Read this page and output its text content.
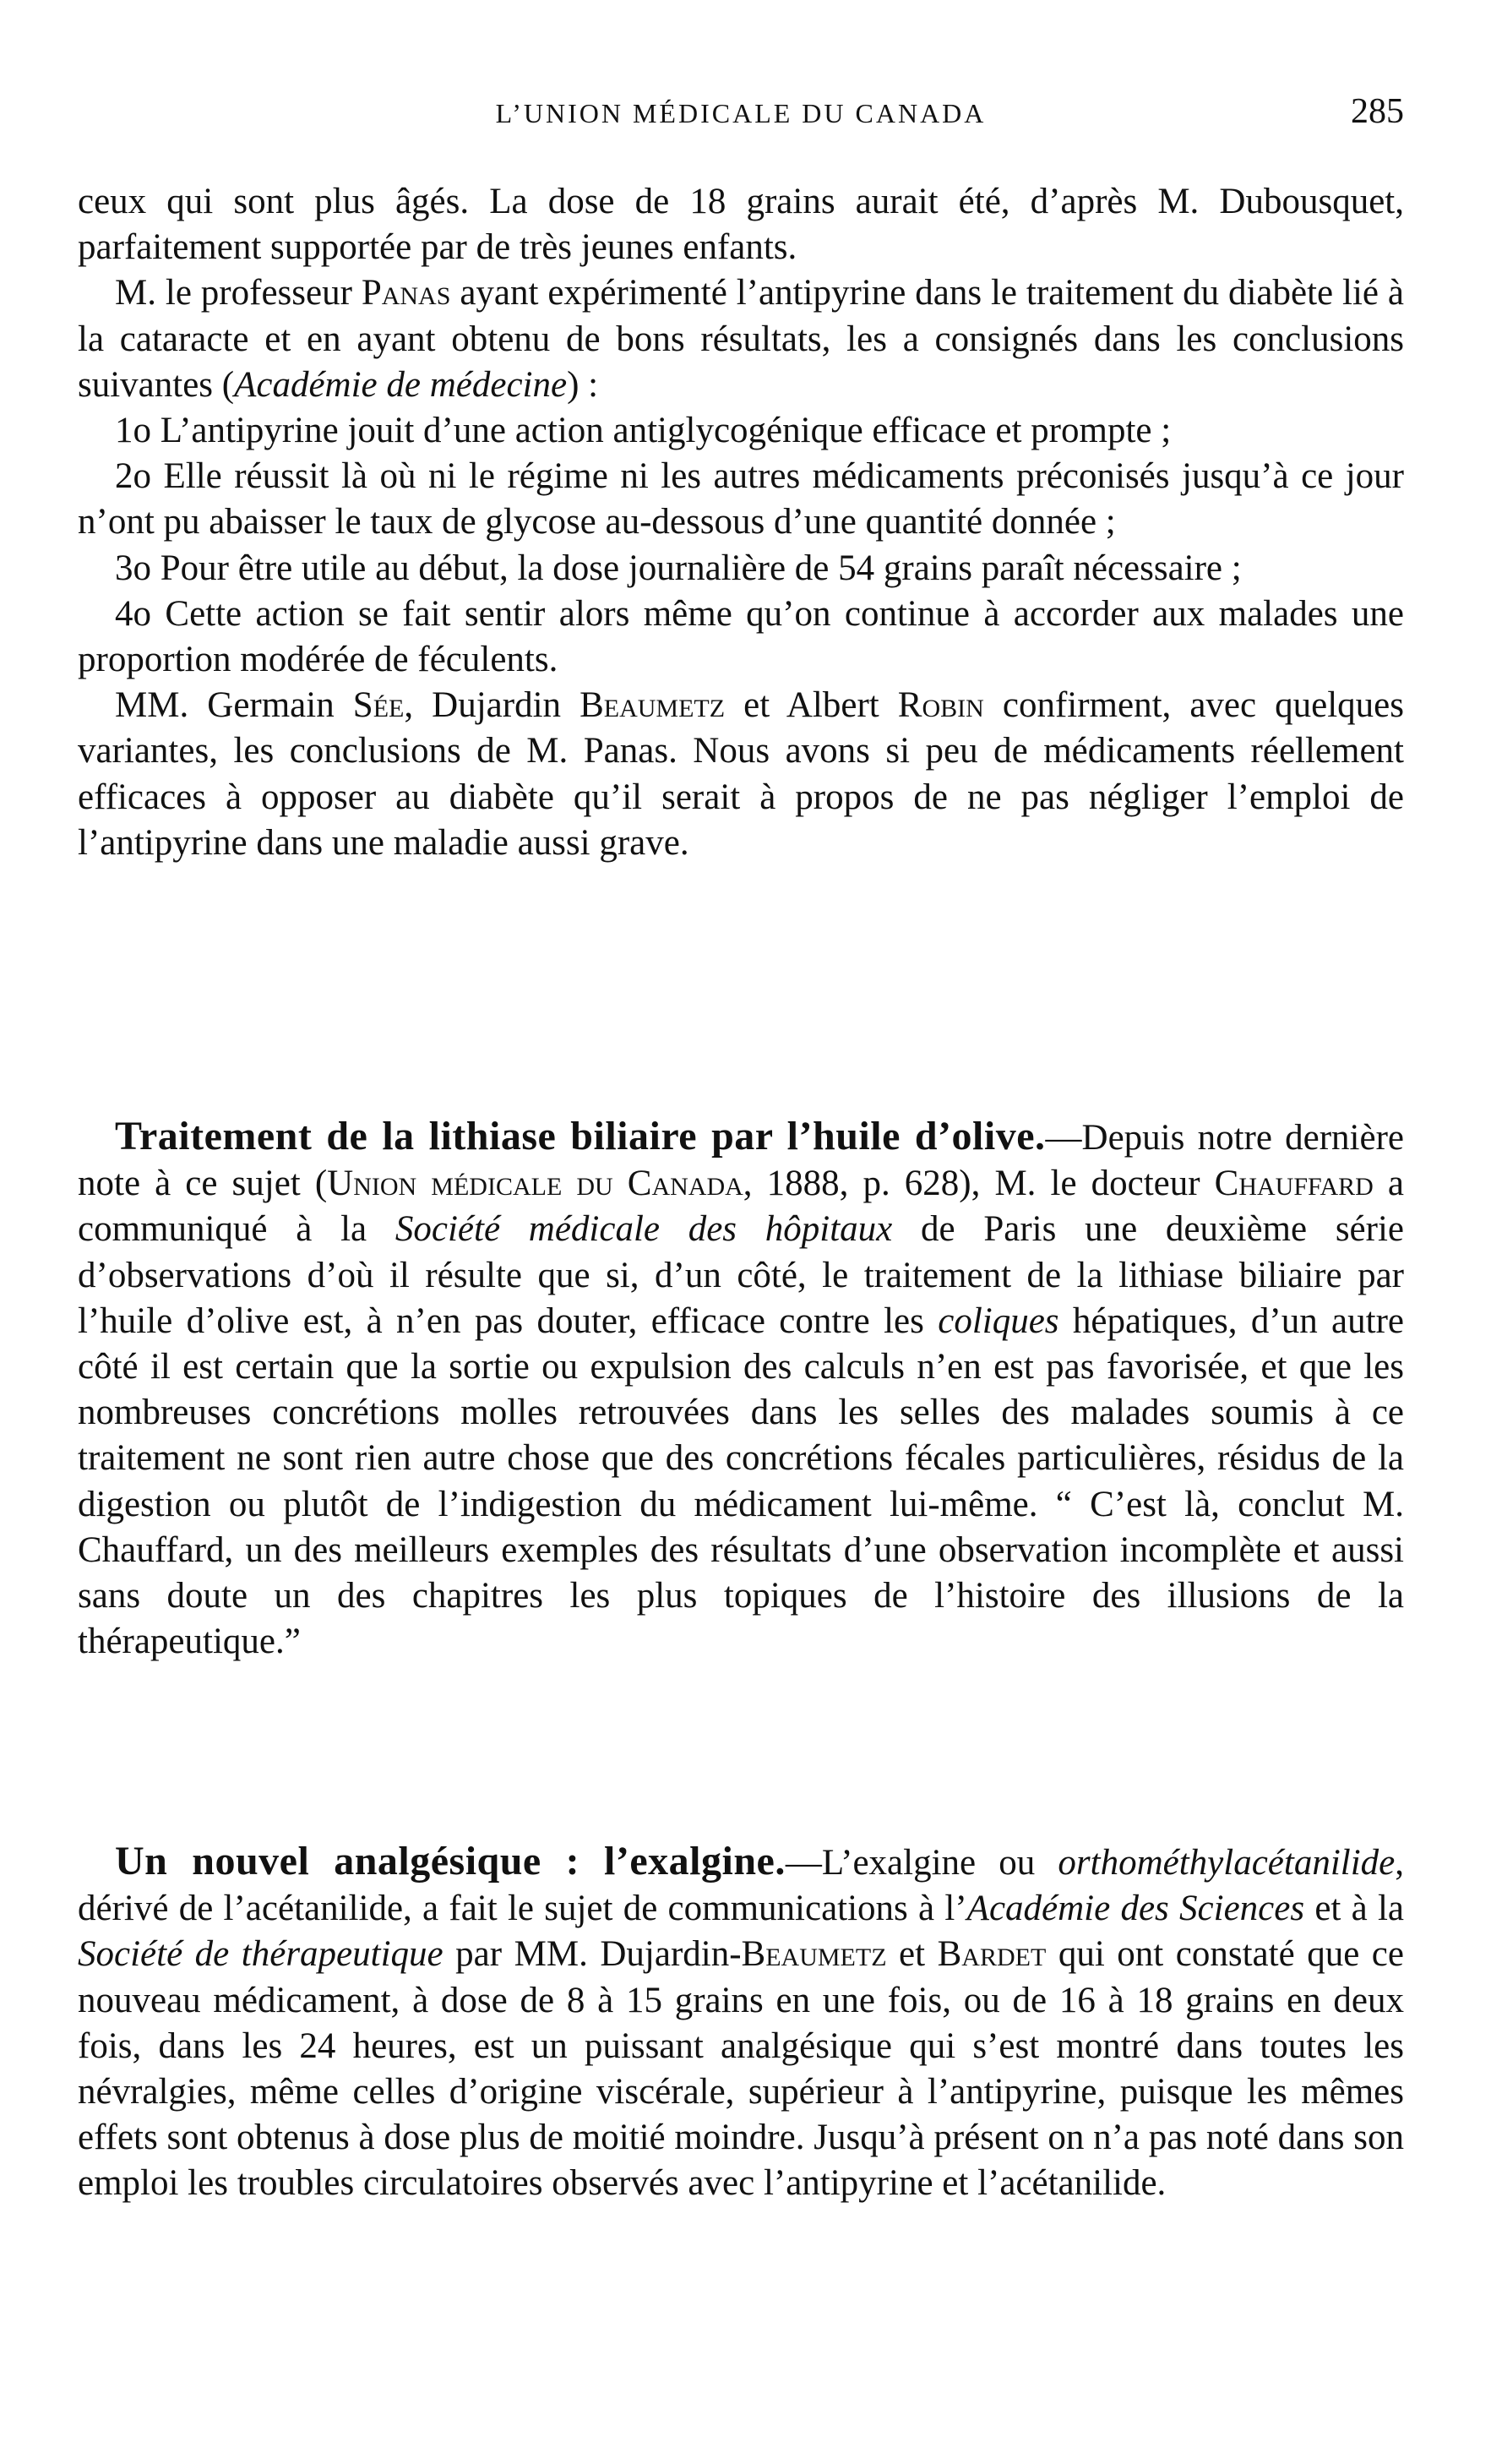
L’UNION MÉDICALE DU CANADA	285

ceux qui sont plus âgés. La dose de 18 grains aurait été, d’après M. Dubousquet, parfaitement supportée par de très jeunes enfants.

M. le professeur Panas ayant expérimenté l’antipyrine dans le traitement du diabète lié à la cataracte et en ayant obtenu de bons résultats, les a consignés dans les conclusions suivantes (Académie de médecine) :

1o L’antipyrine jouit d’une action antiglycogénique efficace et prompte ;

2o Elle réussit là où ni le régime ni les autres médicaments préconisés jusqu’à ce jour n’ont pu abaisser le taux de glycose au-dessous d’une quantité donnée ;

3o Pour être utile au début, la dose journalière de 54 grains paraît nécessaire ;

4o Cette action se fait sentir alors même qu’on continue à accorder aux malades une proportion modérée de féculents.

MM. Germain Sée, Dujardin Beaumetz et Albert Robin confirment, avec quelques variantes, les conclusions de M. Panas. Nous avons si peu de médicaments réellement efficaces à opposer au diabète qu’il serait à propos de ne pas négliger l’emploi de l’antipyrine dans une maladie aussi grave.

Traitement de la lithiase biliaire par l’huile d’olive.—Depuis notre dernière note à ce sujet (Union médicale du Canada, 1888, p. 628), M. le docteur Chauffard a communiqué à la Société médicale des hôpitaux de Paris une deuxième série d’observations d’où il résulte que si, d’un côté, le traitement de la lithiase biliaire par l’huile d’olive est, à n’en pas douter, efficace contre les coliques hépatiques, d’un autre côté il est certain que la sortie ou expulsion des calculs n’en est pas favorisée, et que les nombreuses concrétions molles retrouvées dans les selles des malades soumis à ce traitement ne sont rien autre chose que des concrétions fécales particulières, résidus de la digestion ou plutôt de l’indigestion du médicament lui-même. “ C’est là, conclut M. Chauffard, un des meilleurs exemples des résultats d’une observation incomplète et aussi sans doute un des chapitres les plus topiques de l’histoire des illusions de la thérapeutique.”

Un nouvel analgésique : l’exalgine.—L’exalgine ou orthométhylacétanilide, dérivé de l’acétanilide, a fait le sujet de communications à l’Académie des Sciences et à la Société de thérapeutique par MM. Dujardin-Beaumetz et Bardet qui ont constaté que ce nouveau médicament, à dose de 8 à 15 grains en une fois, ou de 16 à 18 grains en deux fois, dans les 24 heures, est un puissant analgésique qui s’est montré dans toutes les névralgies, même celles d’origine viscérale, supérieur à l’antipyrine, puisque les mêmes effets sont obtenus à dose plus de moitié moindre. Jusqu’à présent on n’a pas noté dans son emploi les troubles circulatoires observés avec l’antipyrine et l’acétanilide.
